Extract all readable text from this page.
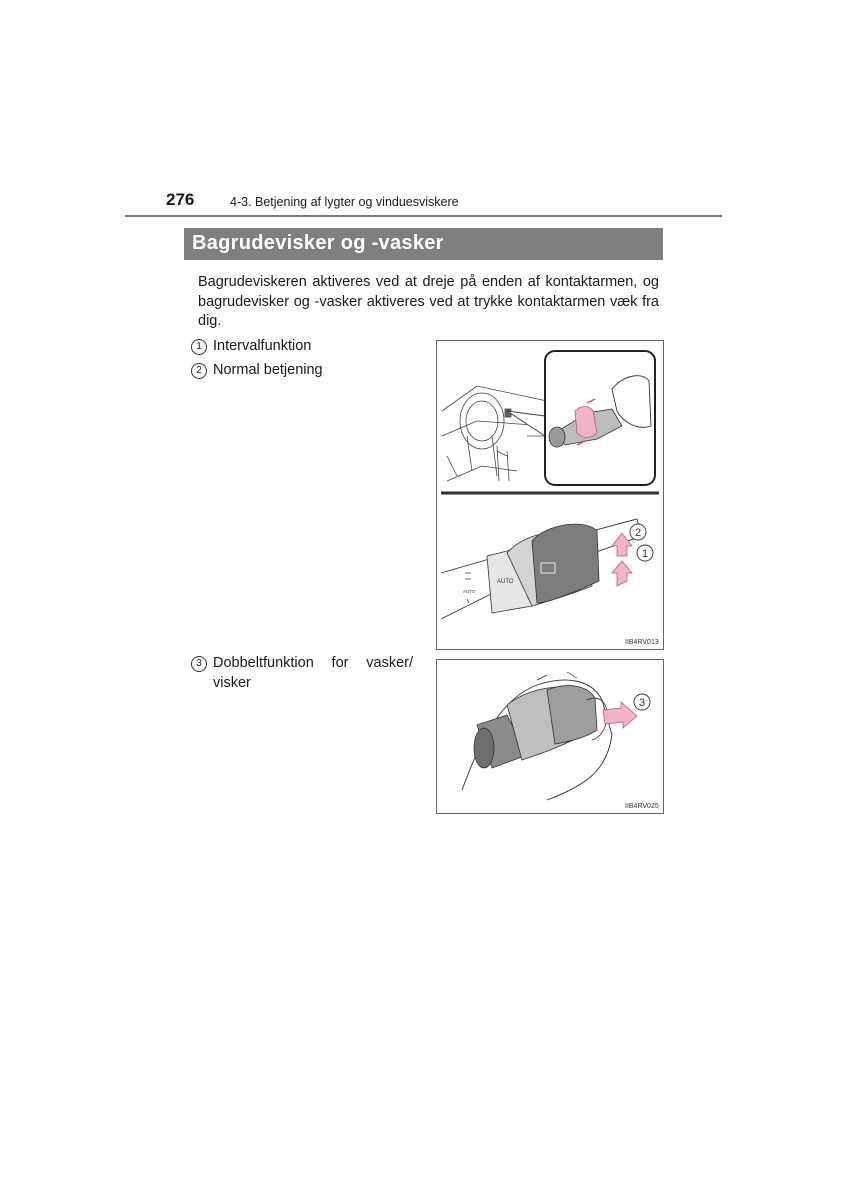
276	4-3. Betjening af lygter og vinduesviskere
Bagrudevisker og -vasker
Bagrudeviskeren aktiveres ved at dreje på enden af kontaktarmen, og bagrudevisker og -vasker aktiveres ved at trykke kontaktarmen væk fra dig.
1 Intervalfunktion
2 Normal betjening
3 Dobbeltfunktion for vasker/
visker
AUTO
AUTO
2
1
IIB4RV013
3
IIB4RV025
